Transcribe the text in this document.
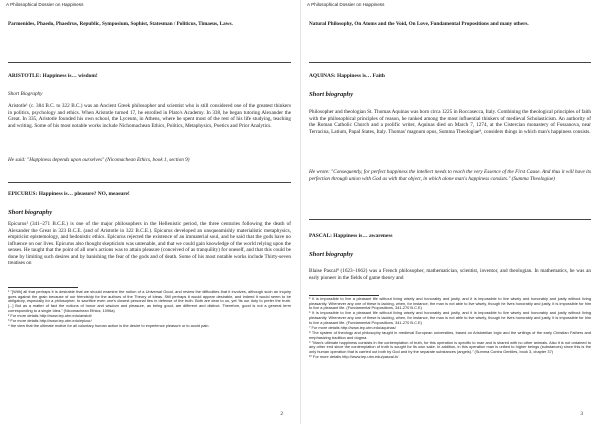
A Philosophical Dossier on Happiness

Parmenides, Phaedo, Phaedrus, Republic, Symposium, Sophist, Statesman / Politicus, Timaeus, Laws.

ARISTOTLE: Happiness is… wisdom!
Short Biography

Aristotle¹ (c. 384 B.C. to 322 B.C.) was an Ancient Greek philosopher and scientist who is still considered one of the greatest thinkers in politics, psychology and ethics. When Aristotle turned 17, he enrolled in Plato's Academy. In 338, he began tutoring Alexander the Great. In 335, Aristotle founded his own school, the Lyceum, in Athens, where he spent most of the rest of his life studying, teaching and writing. Some of his most notable works include Nichomachean Ethics, Politics, Metaphysics, Poetics and Prior Analytics.

He said: "Happiness depends upon ourselves" (Nicomachean Ethics, book 1, section 9)

EPICURUS: Happiness is… pleasure? NO, measure!
Short biography

Epicurus² (341–271 B.C.E.) is one of the major philosophers in the Hellenistic period, the three centuries following the death of Alexander the Great in 323 B.C.E. (and of Aristotle in 322 B.C.E.). Epicurus developed an unsqueamishly materialistic metaphysics, empiricist epistemology, and hedonistic ethics. Epicurus rejected the existence of an immaterial soul, and he said that the gods have no influence on our lives. Epicurus also thought skepticism was untenable, and that we could gain knowledge of the world relying upon the senses. He taught that the point of all one's actions was to attain pleasure (conceived of as tranquility) for oneself, and that this could be done by limiting such desires and by banishing the fear of the gods and of death. Some of his most notable works include Thirty-seven treatises on

¹ "[With] all that perhaps it is desirable that we should examine the notion of a Universal Good, and review the difficulties that it involves, although such an inquiry goes against the grain because of our friendship for the authors of the Theory of Ideas. Still perhaps it would appear desirable, and indeed it would seem to be obligatory, especially for a philosopher, to sacrifice even one's closest personal ties in defense of the truth. Both are dear to us, yet 'tis our duty to prefer the truth. [...] But as a matter of fact the notions of honor and wisdom and pleasure, as being good, are different and distinct. Therefore, good is not a general term corresponding to a single Idea." (Nicomachean Ethics, 1096a)
² For more details http://www.iep.utm.edu/aristotl
³ For more details http://www.iep.utm.edu/epicur/
⁴ the view that the ultimate motive for all voluntary human action is the desire to experience pleasure or to avoid pain.
2
A Philosophical Dossier on Happiness

Natural Philosophy, On Atoms and the Void, On Love, Fundamental Propositions and many others.

AQUINAS: Happiness is… Faith
Short biography

Philosopher and theologian St. Thomas Aquinas was born circa 1225 in Roccasecca, Italy. Combining the theological principles of faith with the philosophical principles of reason, he ranked among the most influential thinkers of medieval Scholasticism. An authority of the Roman Catholic Church and a prolific writer, Aquinas died on March 7, 1274, at the Cistercian monastery of Fossanova, near Terracina, Latium, Papal States, Italy. Thomas' magnum opus, Summa Theologiae⁹, considers things in which man's happiness consists.

He wrote: "Consequently, for perfect happiness the intellect needs to reach the very Essence of the First Cause. And thus it will have its perfection through union with God as with that object, in which alone man's happiness consists." (Summa Theologiae)

PASCAL: Happiness is… awareness
Short biography

Blaise Pascal⁸ (1623–1662) was a French philosopher, mathematician, scientist, inventor, and theologian. In mathematics, he was an early pioneer in the fields of game theory and

⁵ It is impossible to live a pleasant life without living wisely and honorably and justly, and it is impossible to live wisely and honorably and justly without living pleasantly. Whenever any one of these is lacking, when, for instance, the man is not able to live wisely, though he lives honorably and justly, it is impossible for him to live a pleasant life. (Fundamental Propositions, 341-270 B.C.E)
⁶ It is impossible to live a pleasant life without living wisely and honorably and justly, and it is impossible to live wisely and honorably and justly without living pleasantly. Whenever any one of these is lacking, when, for instance, the man is not able to live wisely, though he lives honorably and justly, it is impossible for him to live a pleasant life. (Fundamental Propositions, 341-270 B.C.E)
⁷ For more details http://www.iep.utm.edu/aquinas/
⁸ The system of theology and philosophy taught in medieval European universities, based on Aristotelian logic and the writings of the early Christian Fathers and emphasizing tradition and dogma.
⁹ "Man's ultimate happiness consists in the contemplation of truth, for this operation is specific to man and is shared with no other animals. Also it is not ordained to any other end since the contemplation of truth is sought for its own sake. In addition, in this operation man is united to higher beings (substances) since this is the only human operation that is carried out both by God and by the separate substances (angels)." (Summa Contra Gentiles, book 3, chapter 37)
¹⁰ For more details http://www.iep.utm.edu/pascal-b/
3
